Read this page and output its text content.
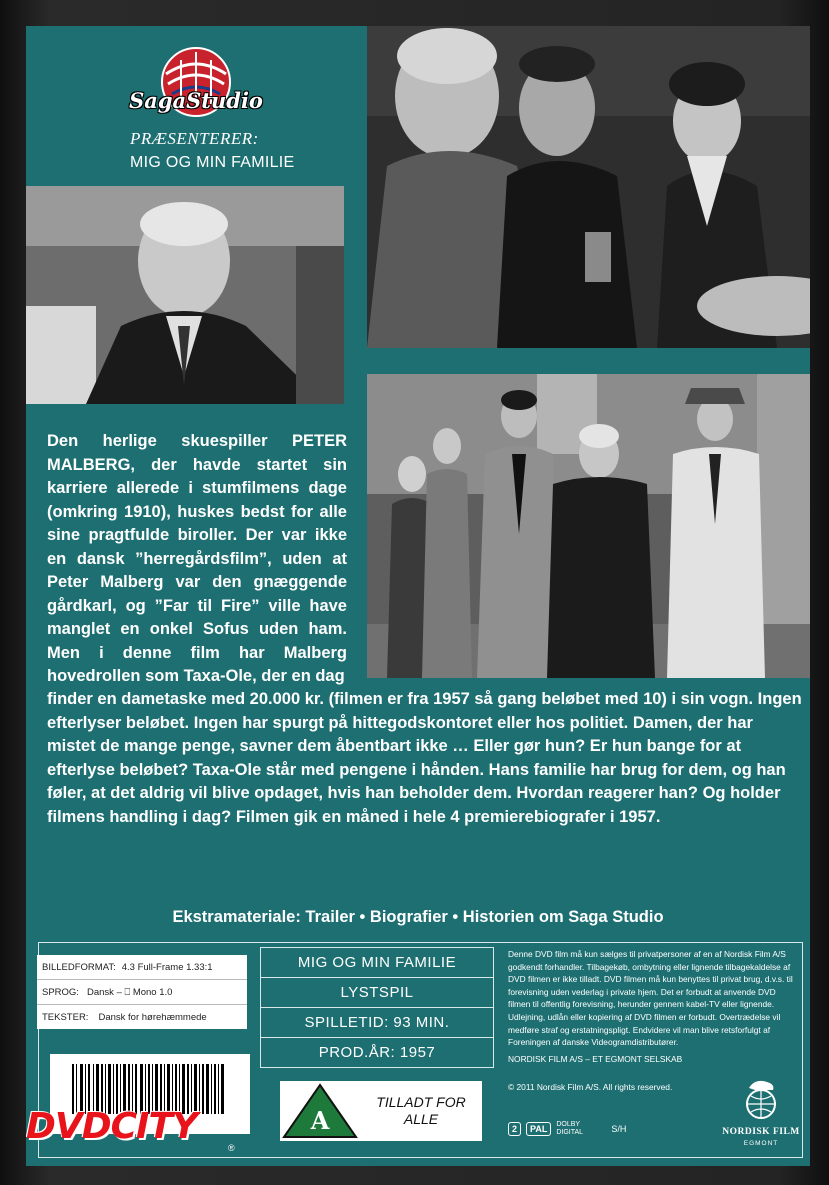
SagaStudio
PRÆSENTERER:
MIG OG MIN FAMILIE

Den herlige skuespiller PETER MALBERG, der havde startet sin karriere allerede i stumfilmens dage (omkring 1910), huskes bedst for alle sine pragtfulde biroller. Der var ikke en dansk ”herregårdsfilm”, uden at Peter Malberg var den gnæggende gårdkarl, og ”Far til Fire” ville have manglet en onkel Sofus uden ham. Men i denne film har Malberg hovedrollen som Taxa-Ole, der en dag

finder en dametaske med 20.000 kr. (filmen er fra 1957 så gang beløbet med 10) i sin vogn. Ingen efterlyser beløbet. Ingen har spurgt på hittegodskontoret eller hos politiet. Damen, der har mistet de mange penge, savner dem åbentbart ikke … Eller gør hun? Er hun bange for at efterlyse beløbet? Taxa-Ole står med pengene i hånden. Hans familie har brug for dem, og han føler, at det aldrig vil blive opdaget, hvis han beholder dem. Hvordan reagerer han? Og holder filmens handling i dag? Filmen gik en måned i hele 4 premierebiografer i 1957.

Ekstramateriale: Trailer • Biografier • Historien om Saga Studio
BILLEDFORMAT: 4.3 Full-Frame 1.33:1
SPROG: Dansk – ⎕ Mono 1.0
TEKSTER: Dansk for hørehæmmede
DVDCITY
®
MIG OG MIN FAMILIE
LYSTSPIL
SPILLETID: 93 MIN.
PROD.ÅR: 1957
A
TILLADT FOR ALLE

Denne DVD film må kun sælges til privatpersoner af en af Nordisk Film A/S godkendt forhandler. Tilbagekøb, ombytning eller lignende tilbagekaldelse af DVD filmen er ikke tilladt. DVD filmen må kun benyttes til privat brug, d.v.s. til forevisning uden vederlag i private hjem. Det er forbudt at anvende DVD filmen til offentlig forevisning, herunder gennem kabel-TV eller lignende. Udlejning, udlån eller kopiering af DVD filmen er forbudt. Overtrædelse vil medføre straf og erstatningspligt. Endvidere vil man blive retsforfulgt af Foreningen af danske Videogramdistributører.

NORDISK FILM A/S – ET EGMONT SELSKAB
© 2011 Nordisk Film A/S. All rights reserved.
2	PAL	DOLBY DIGITAL	S/H	NORDISK FILM
EGMONT
